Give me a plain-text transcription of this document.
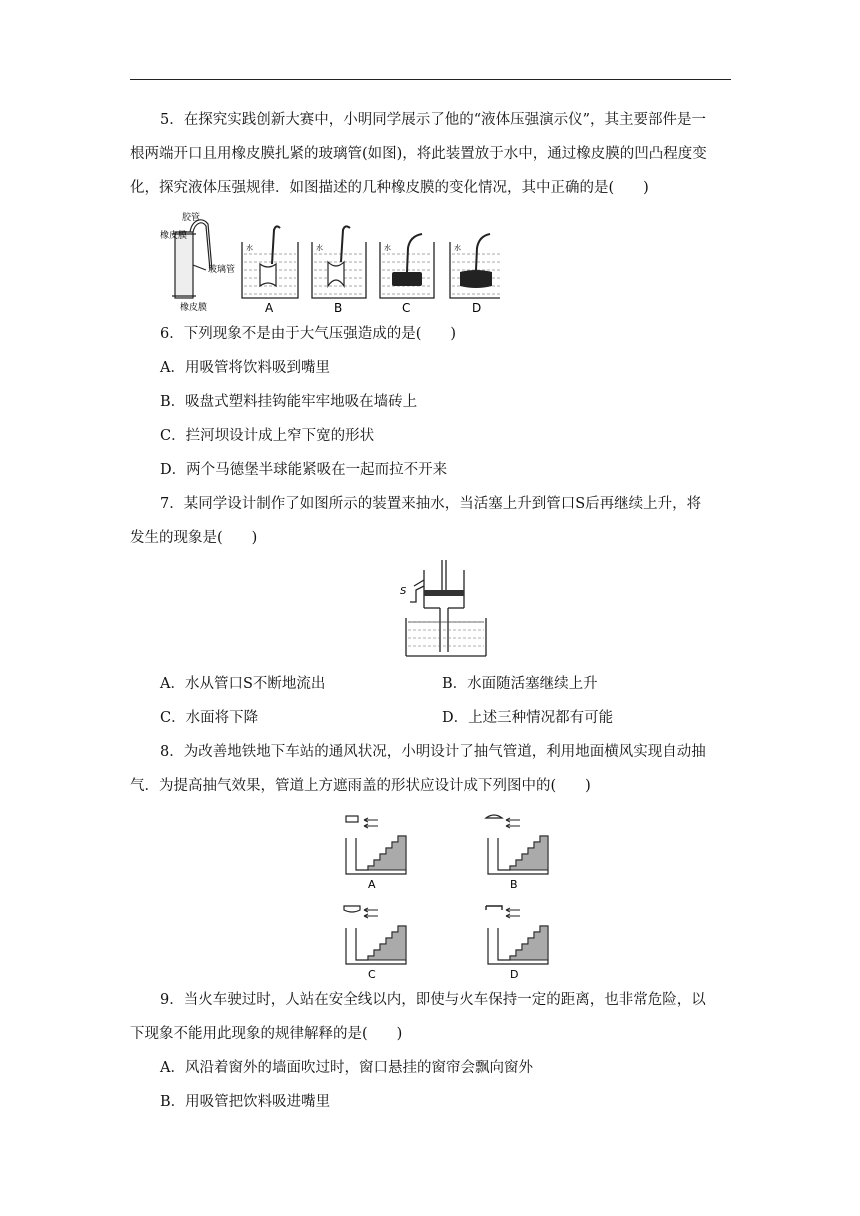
5．在探究实践创新大赛中，小明同学展示了他的“液体压强演示仪”，其主要部件是一
根两端开口且用橡皮膜扎紧的玻璃管(如图)，将此装置放于水中，通过橡皮膜的凹凸程度变
化，探究液体压强规律．如图描述的几种橡皮膜的变化情况，其中正确的是(　　)
胶管
橡皮膜
玻璃管
橡皮膜
水
A
水
B
水
C
水
D
6．下列现象不是由于大气压强造成的是(　　)
A．用吸管将饮料吸到嘴里
B．吸盘式塑料挂钩能牢牢地吸在墙砖上
C．拦河坝设计成上窄下宽的形状
D．两个马德堡半球能紧吸在一起而拉不开来
7．某同学设计制作了如图所示的装置来抽水，当活塞上升到管口S后再继续上升，将
发生的现象是(　　)
S
A．水从管口S不断地流出	B．水面随活塞继续上升
C．水面将下降	D．上述三种情况都有可能
8．为改善地铁地下车站的通风状况，小明设计了抽气管道，利用地面横风实现自动抽
气．为提高抽气效果，管道上方遮雨盖的形状应设计成下列图中的(　　)
A	B
C	D
9．当火车驶过时，人站在安全线以内，即使与火车保持一定的距离，也非常危险，以
下现象不能用此现象的规律解释的是(　　)
A．风沿着窗外的墙面吹过时，窗口悬挂的窗帘会飘向窗外
B．用吸管把饮料吸进嘴里
